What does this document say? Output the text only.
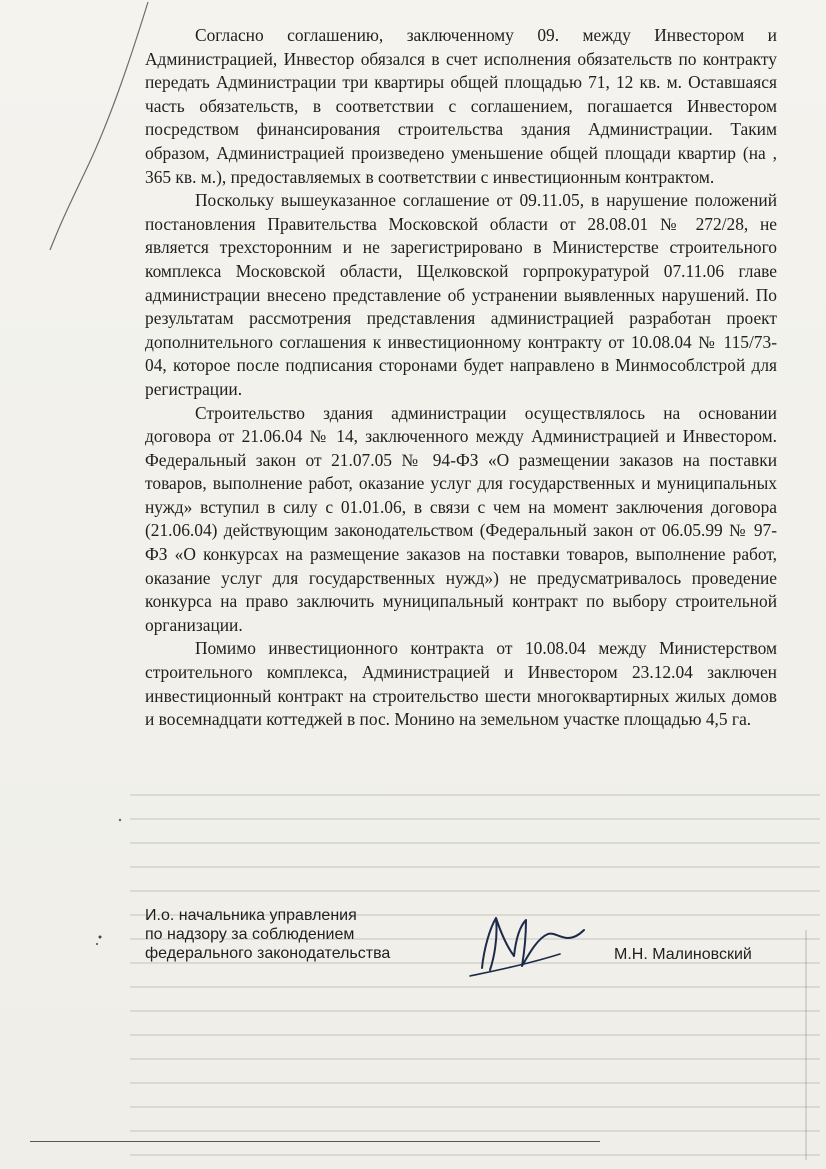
Согласно соглашению, заключенному 09. между Инвестором и Администрацией, Инвестор обязался в счет исполнения обязательств по контракту передать Администрации три квартиры общей площадью 71, 12 кв. м. Оставшаяся часть обязательств, в соответствии с соглашением, погашается Инвестором посредством финансирования строительства здания Администрации. Таким образом, Администрацией произведено уменьшение общей площади квартир (на , 365 кв. м.), предоставляемых в соответствии с инвестиционным контрактом.

Поскольку вышеуказанное соглашение от 09.11.05, в нарушение положений постановления Правительства Московской области от 28.08.01 № 272/28, не является трехсторонним и не зарегистрировано в Министерстве строительного комплекса Московской области, Щелковской горпрокуратурой 07.11.06 главе администрации внесено представление об устранении выявленных нарушений. По результатам рассмотрения представления администрацией разработан проект дополнительного соглашения к инвестиционному контракту от 10.08.04 № 115/73-04, которое после подписания сторонами будет направлено в Минмособлстрой для регистрации.

Строительство здания администрации осуществлялось на основании договора от 21.06.04 № 14, заключенного между Администрацией и Инвестором. Федеральный закон от 21.07.05 № 94-ФЗ «О размещении заказов на поставки товаров, выполнение работ, оказание услуг для государственных и муниципальных нужд» вступил в силу с 01.01.06, в связи с чем на момент заключения договора (21.06.04) действующим законодательством (Федеральный закон от 06.05.99 № 97-ФЗ «О конкурсах на размещение заказов на поставки товаров, выполнение работ, оказание услуг для государственных нужд») не предусматривалось проведение конкурса на право заключить муниципальный контракт по выбору строительной организации.

Помимо инвестиционного контракта от 10.08.04 между Министерством строительного комплекса, Администрацией и Инвестором 23.12.04 заключен инвестиционный контракт на строительство шести многоквартирных жилых домов и восемнадцати коттеджей в пос. Монино на земельном участке площадью 4,5 га.

И.о. начальника управления
по надзору за соблюдением
федерального законодательства	М.Н. Малиновский
